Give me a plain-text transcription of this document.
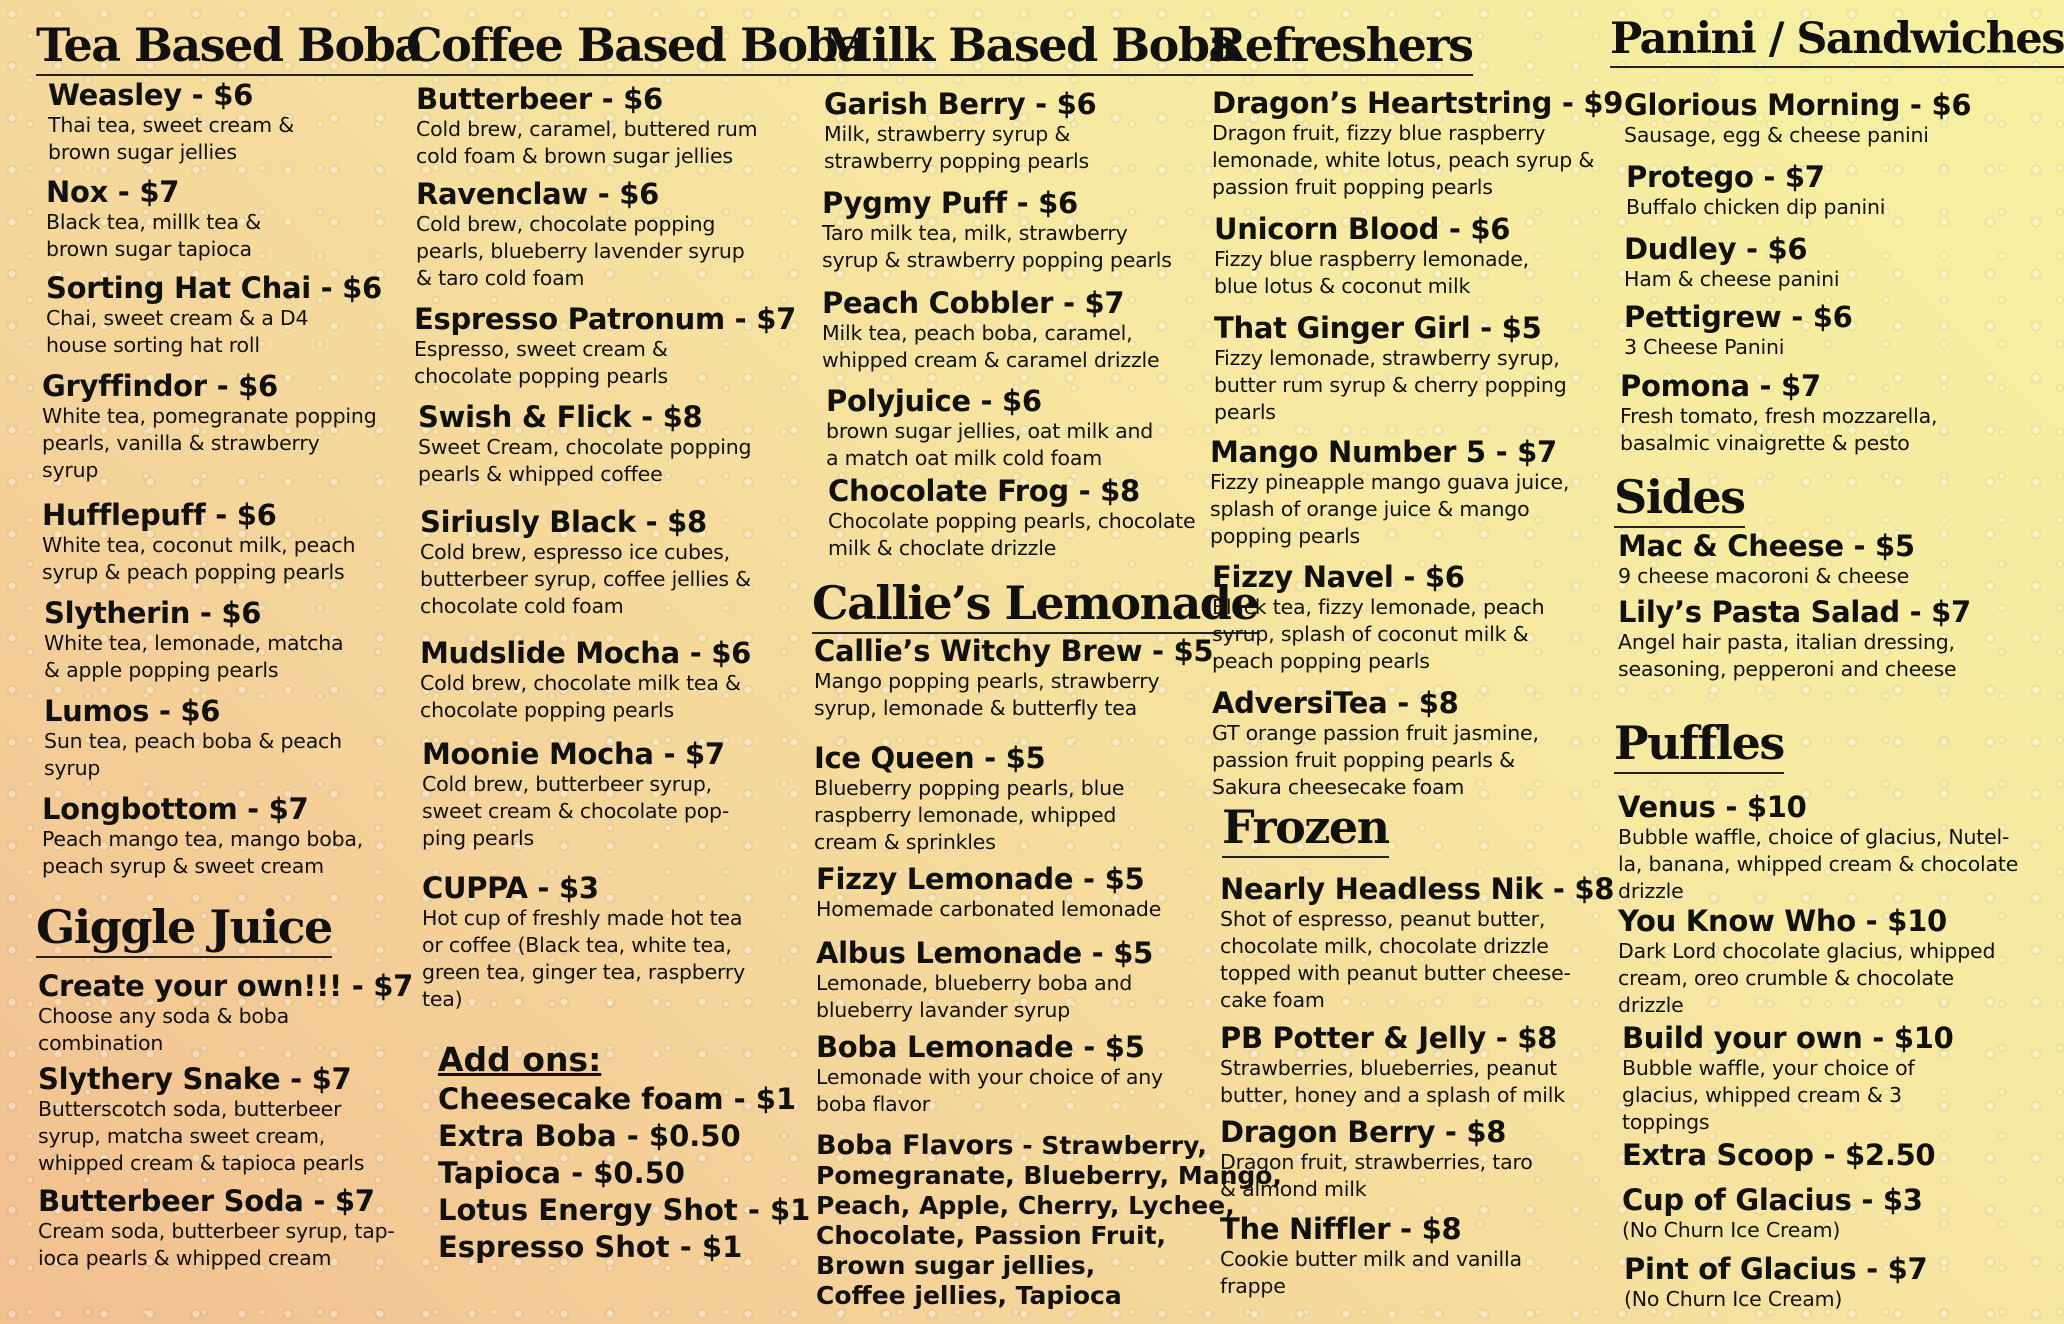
Tea Based Boba
Weasley - $6
Thai tea, sweet cream &
brown sugar jellies
Nox - $7
Black tea, millk tea &
brown sugar tapioca
Sorting Hat Chai - $6
Chai, sweet cream & a D4
house sorting hat roll
Gryffindor - $6
White tea, pomegranate popping
pearls, vanilla & strawberry
syrup
Hufflepuff - $6
White tea, coconut milk, peach
syrup & peach popping pearls
Slytherin - $6
White tea, lemonade, matcha
& apple popping pearls
Lumos - $6
Sun tea, peach boba & peach
syrup
Longbottom - $7
Peach mango tea, mango boba,
peach syrup & sweet cream
Giggle Juice
Create your own!!! - $7
Choose any soda & boba
combination
Slythery Snake - $7
Butterscotch soda, butterbeer
syrup, matcha sweet cream,
whipped cream & tapioca pearls
Butterbeer Soda - $7
Cream soda, butterbeer syrup, tap-
ioca pearls & whipped cream
Coffee Based Boba
Butterbeer - $6
Cold brew, caramel, buttered rum
cold foam & brown sugar jellies
Ravenclaw - $6
Cold brew, chocolate popping
pearls, blueberry lavender syrup
& taro cold foam
Espresso Patronum - $7
Espresso, sweet cream &
chocolate popping pearls
Swish & Flick - $8
Sweet Cream, chocolate popping
pearls & whipped coffee
Siriusly Black - $8
Cold brew, espresso ice cubes,
butterbeer syrup, coffee jellies &
chocolate cold foam
Mudslide Mocha - $6
Cold brew, chocolate milk tea &
chocolate popping pearls
Moonie Mocha - $7
Cold brew, butterbeer syrup,
sweet cream & chocolate pop-
ping pearls
CUPPA - $3
Hot cup of freshly made hot tea
or coffee (Black tea, white tea,
green tea, ginger tea, raspberry
tea)
Add ons:
Cheesecake foam - $1
Extra Boba - $0.50
Tapioca - $0.50
Lotus Energy Shot - $1
Espresso Shot - $1
Milk Based Boba
Garish Berry - $6
Milk, strawberry syrup &
strawberry popping pearls
Pygmy Puff - $6
Taro milk tea, milk, strawberry
syrup & strawberry popping pearls
Peach Cobbler - $7
Milk tea, peach boba, caramel,
whipped cream & caramel drizzle
Polyjuice - $6
brown sugar jellies, oat milk and
a match oat milk cold foam
Chocolate Frog - $8
Chocolate popping pearls, chocolate
milk & choclate drizzle
Callie’s Lemonade
Callie’s Witchy Brew - $5
Mango popping pearls, strawberry
syrup, lemonade & butterfly tea
Ice Queen - $5
Blueberry popping pearls, blue
raspberry lemonade, whipped
cream & sprinkles
Fizzy Lemonade - $5
Homemade carbonated lemonade
Albus Lemonade - $5
Lemonade, blueberry boba and
blueberry lavander syrup
Boba Lemonade - $5
Lemonade with your choice of any
boba flavor
Boba Flavors - Strawberry,
Pomegranate, Blueberry, Mango,
Peach, Apple, Cherry, Lychee,
Chocolate, Passion Fruit,
Brown sugar jellies,
Coffee jellies, Tapioca
Refreshers
Dragon’s Heartstring - $9
Dragon fruit, fizzy blue raspberry
lemonade, white lotus, peach syrup &
passion fruit popping pearls
Unicorn Blood - $6
Fizzy blue raspberry lemonade,
blue lotus & coconut milk
That Ginger Girl - $5
Fizzy lemonade, strawberry syrup,
butter rum syrup & cherry popping
pearls
Mango Number 5 - $7
Fizzy pineapple mango guava juice,
splash of orange juice & mango
popping pearls
Fizzy Navel - $6
Black tea, fizzy lemonade, peach
syrup, splash of coconut milk &
peach popping pearls
AdversiTea - $8
GT orange passion fruit jasmine,
passion fruit popping pearls &
Sakura cheesecake foam
Frozen
Nearly Headless Nik - $8
Shot of espresso, peanut butter,
chocolate milk, chocolate drizzle
topped with peanut butter cheese-
cake foam
PB Potter & Jelly - $8
Strawberries, blueberries, peanut
butter, honey and a splash of milk
Dragon Berry - $8
Dragon fruit, strawberries, taro
& almond milk
The Niffler - $8
Cookie butter milk and vanilla
frappe
Panini / Sandwiches
Glorious Morning - $6
Sausage, egg & cheese panini
Protego - $7
Buffalo chicken dip panini
Dudley - $6
Ham & cheese panini
Pettigrew - $6
3 Cheese Panini
Pomona - $7
Fresh tomato, fresh mozzarella,
basalmic vinaigrette & pesto
Sides
Mac & Cheese - $5
9 cheese macoroni & cheese
Lily’s Pasta Salad - $7
Angel hair pasta, italian dressing,
seasoning, pepperoni and cheese
Puffles
Venus - $10
Bubble waffle, choice of glacius, Nutel-
la, banana, whipped cream & chocolate
drizzle
You Know Who - $10
Dark Lord chocolate glacius, whipped
cream, oreo crumble & chocolate
drizzle
Build your own - $10
Bubble waffle, your choice of
glacius, whipped cream & 3
toppings
Extra Scoop - $2.50
Cup of Glacius - $3
(No Churn Ice Cream)
Pint of Glacius - $7
(No Churn Ice Cream)
